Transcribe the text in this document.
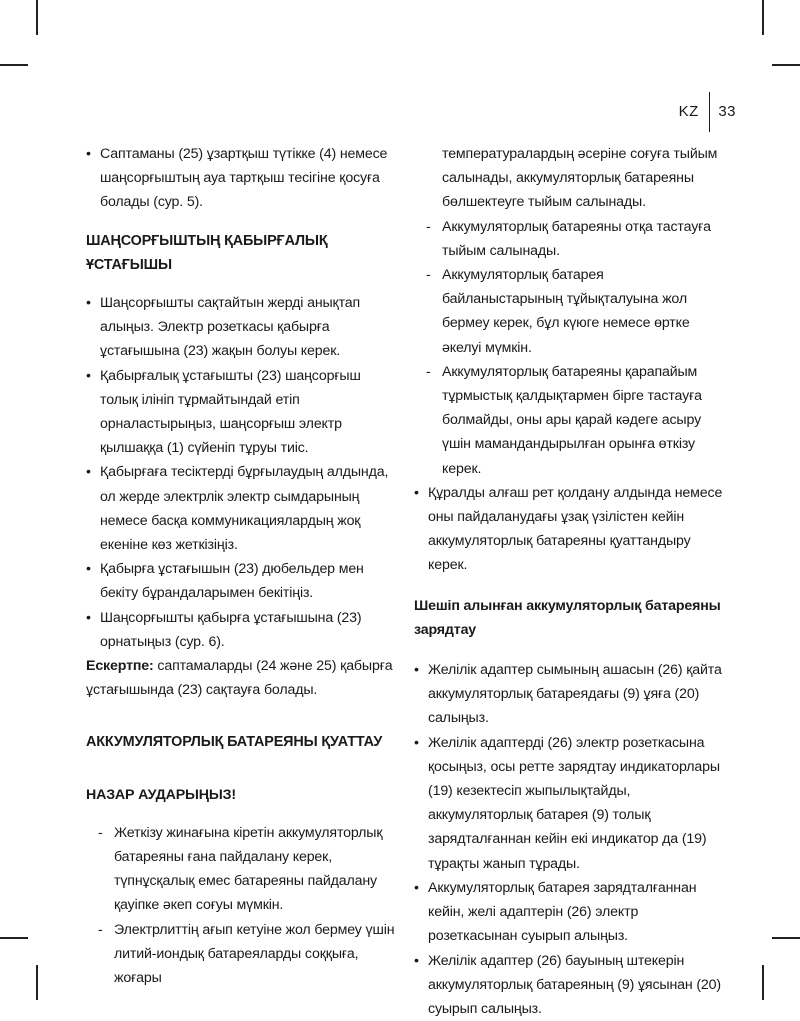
KZ 33
• Саптаманы (25) ұзартқыш түтікке (4) немесе шаңсорғыштың ауа тартқыш тесігіне қосуға болады (сур. 5).

ШАҢСОРҒЫШТЫҢ ҚАБЫРҒАЛЫҚ ҰСТАҒЫШЫ

• Шаңсорғышты сақтайтын жерді анықтап алыңыз. Электр розеткасы қабырға ұстағышына (23) жақын болуы керек.
• Қабырғалық ұстағышты (23) шаңсорғыш толық ілініп тұрмайтындай етіп орналастырыңыз, шаңсорғыш электр қылшаққа (1) сүйеніп тұруы тиіс.
• Қабырғаға тесіктерді бұрғылаудың алдында, ол жерде электрлік электр сымдарының немесе басқа коммуникациялардың жоқ екеніне көз жеткізіңіз.
• Қабырға ұстағышын (23) дюбельдер мен бекіту бұрандаларымен бекітіңіз.
• Шаңсорғышты қабырға ұстағышына (23) орнатыңыз (сур. 6).

Ескертпе: саптамаларды (24 және 25) қабырға ұстағышында (23) сақтауға болады.

АККУМУЛЯТОРЛЫҚ БАТАРЕЯНЫ ҚУАТТАУ

НАЗАР АУДАРЫҢЫЗ!

- Жеткізу жинағына кіретін аккумуляторлық батареяны ғана пайдалану керек, түпнұсқалық емес батареяны пайдалану қауіпке әкеп соғуы мүмкін.
- Электрлиттің ағып кетуіне жол бермеу үшін литий-иондық батареяларды соққыға, жоғары

температуралардың әсеріне соғуға тыйым салынады, аккумуляторлық батареяны бөлшектеуге тыйым салынады.

- Аккумуляторлық батареяны отқа тастауға тыйым салынады.
- Аккумуляторлық батарея байланыстарының тұйықталуына жол бермеу керек, бұл күюге немесе өртке әкелуі мүмкін.
- Аккумуляторлық батареяны қарапайым тұрмыстық қалдықтармен бірге тастауға болмайды, оны ары қарай кәдеге асыру үшін мамандандырылған орынға өткізу керек.
• Құралды алғаш рет қолдану алдында немесе оны пайдаланудағы ұзақ үзілістен кейін аккумуляторлық батареяны қуаттандыру керек.

Шешіп алынған аккумуляторлық батареяны зарядтау

• Желілік адаптер сымының ашасын (26) қайта аккумуляторлық батареядағы (9) ұяға (20) салыңыз.
• Желілік адаптерді (26) электр розеткасына қосыңыз, осы ретте зарядтау индикаторлары (19) кезектесіп жыпылықтайды, аккумуляторлық батарея (9) толық зарядталғаннан кейін екі индикатор да (19) тұрақты жанып тұрады.
• Аккумуляторлық батарея зарядталғаннан кейін, желі адаптерін (26) электр розеткасынан суырып алыңыз.
• Желілік адаптер (26) бауының штекерін аккумуляторлық батареяның (9) ұясынан (20) суырып салыңыз.
